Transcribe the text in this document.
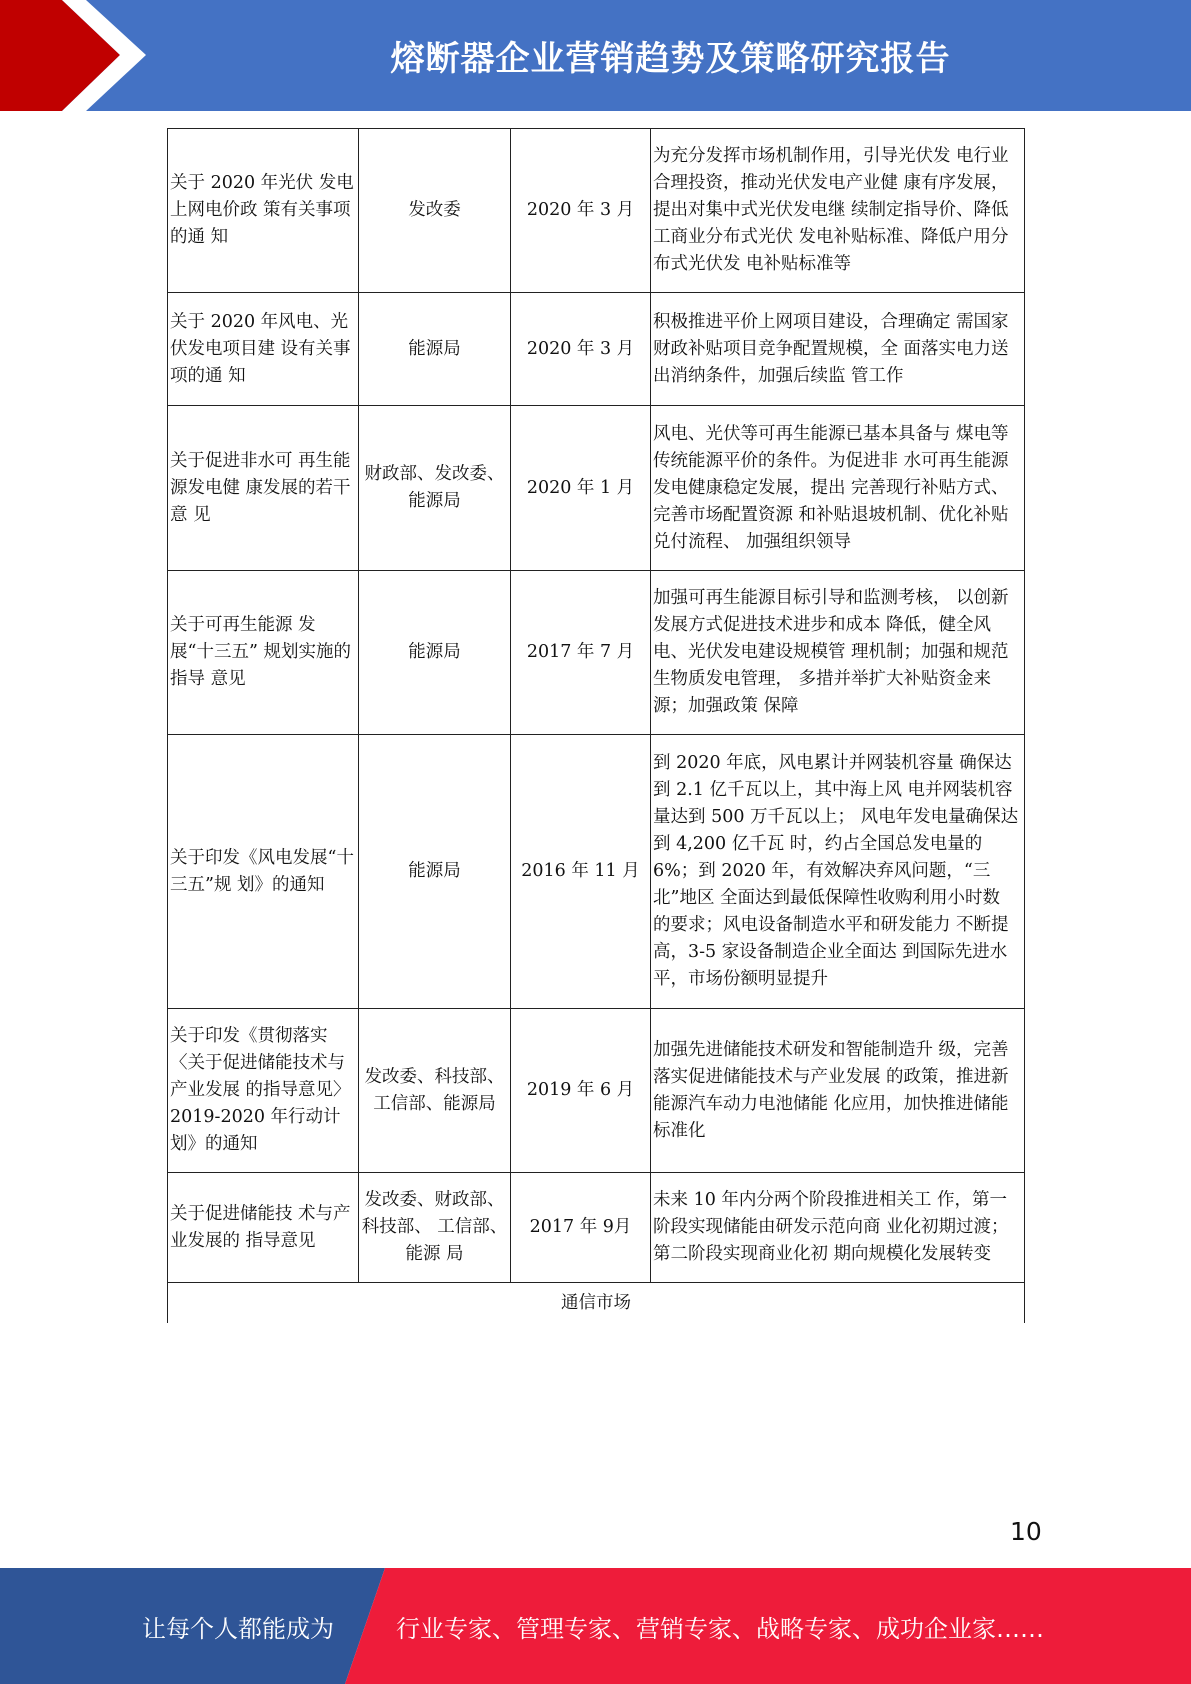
熔断器企业营销趋势及策略研究报告
关于 2020 年光伏 发电上网电价政 策有关事项的通 知	发改委	2020 年 3 月	为充分发挥市场机制作用，引导光伏发 电行业合理投资，推动光伏发电产业健 康有序发展，提出对集中式光伏发电继 续制定指导价、降低工商业分布式光伏 发电补贴标准、降低户用分布式光伏发 电补贴标准等
关于 2020 年风电、光伏发电项目建 设有关事项的通 知	能源局	2020 年 3 月	积极推进平价上网项目建设，合理确定 需国家财政补贴项目竞争配置规模，全 面落实电力送出消纳条件，加强后续监 管工作
关于促进非水可 再生能源发电健 康发展的若干意 见	财政部、发改委、能源局	2020 年 1 月	风电、光伏等可再生能源已基本具备与 煤电等传统能源平价的条件。为促进非 水可再生能源发电健康稳定发展，提出 完善现行补贴方式、完善市场配置资源 和补贴退坡机制、优化补贴兑付流程、 加强组织领导
关于可再生能源 发展“十三五” 规划实施的指导 意见	能源局	2017 年 7 月	加强可再生能源目标引导和监测考核， 以创新发展方式促进技术进步和成本 降低，健全风电、光伏发电建设规模管 理机制；加强和规范生物质发电管理， 多措并举扩大补贴资金来源；加强政策 保障
关于印发《风电发展“十三五”规 划》的通知	能源局	2016 年 11 月	到 2020 年底，风电累计并网装机容量 确保达到 2.1 亿千瓦以上，其中海上风 电并网装机容量达到 500 万千瓦以上； 风电年发电量确保达到 4,200 亿千瓦 时，约占全国总发电量的 6%；到 2020 年，有效解决弃风问题，“三北”地区 全面达到最低保障性收购利用小时数 的要求；风电设备制造水平和研发能力 不断提高，3-5 家设备制造企业全面达 到国际先进水平，市场份额明显提升
关于印发《贯彻落实〈关于促进储能技术与产业发展 的指导意见〉2019-2020 年行动计划》的通知	发改委、科技部、工信部、能源局	2019 年 6 月	加强先进储能技术研发和智能制造升 级，完善落实促进储能技术与产业发展 的政策，推进新能源汽车动力电池储能 化应用，加快推进储能标准化
关于促进储能技 术与产业发展的 指导意见	发改委、财政部、科技部、 工信部、能源 局	2017 年 9月	未来 10 年内分两个阶段推进相关工 作，第一阶段实现储能由研发示范向商 业化初期过渡；第二阶段实现商业化初 期向规模化发展转变
通信市场			
10
让每个人都能成为	行业专家、管理专家、营销专家、战略专家、成功企业家……
